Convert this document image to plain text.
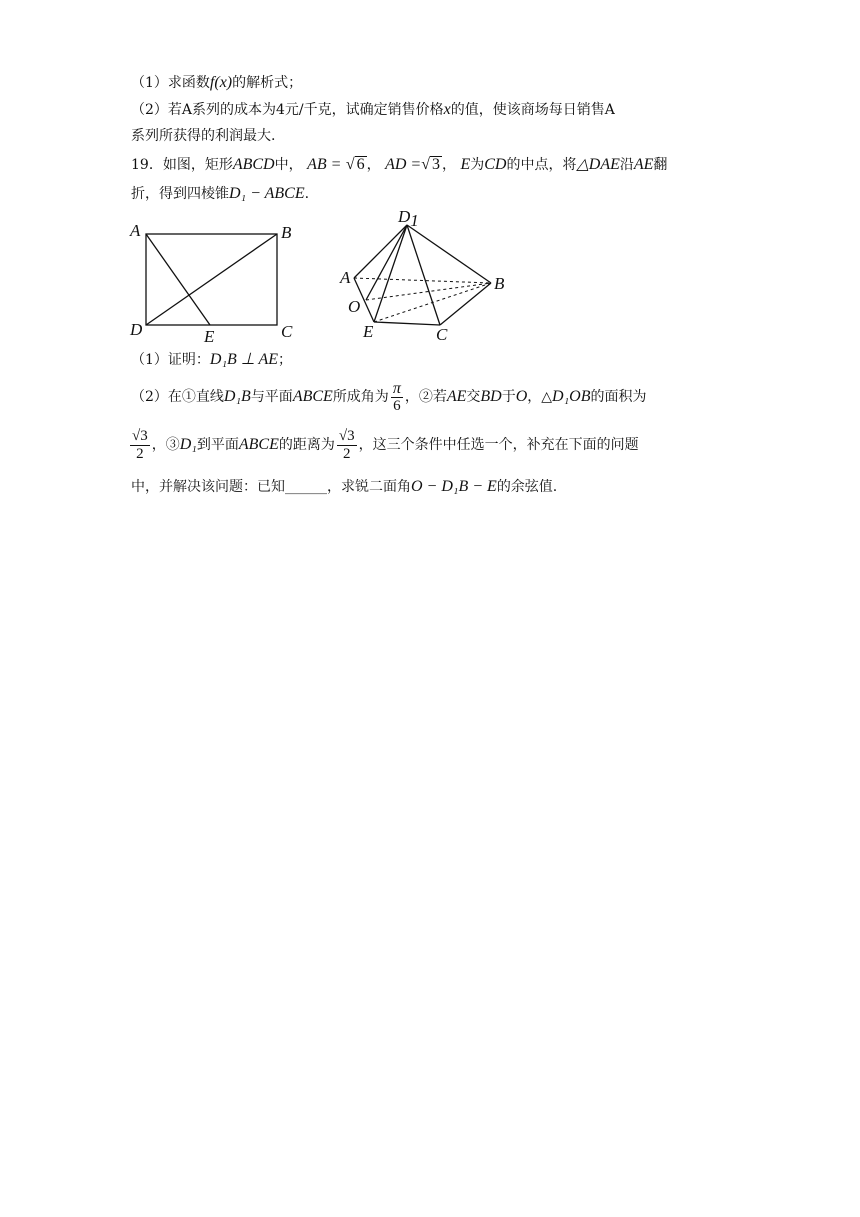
（1）求函数f(x)的解析式；
（2）若A系列的成本为4元/千克，试确定销售价格x的值，使该商场每日销售A
系列所获得的利润最大.
19．如图，矩形ABCD中， AB = √ 6 ， AD =√ 3 ， E为CD的中点，将△DAE沿AE翻
折，得到四棱锥D₁ − ABCE.
A	B
C
D	E
D1
A	B
C
E
O
（1）证明：D₁B ⊥ AE；
（2）在①直线D₁B与平面ABCE所成角为 $\frac{\pi}{6}$ ，②若AE交BD于O，△D₁OB的面积为
$\frac{√3}{2}$ ，③D₁到平面ABCE的距离为 $\frac{√3}{2}$ ，这三个条件中任选一个，补充在下面的问题
中，并解决该问题：已知______，求锐二面角O − D₁B − E的余弦值.
